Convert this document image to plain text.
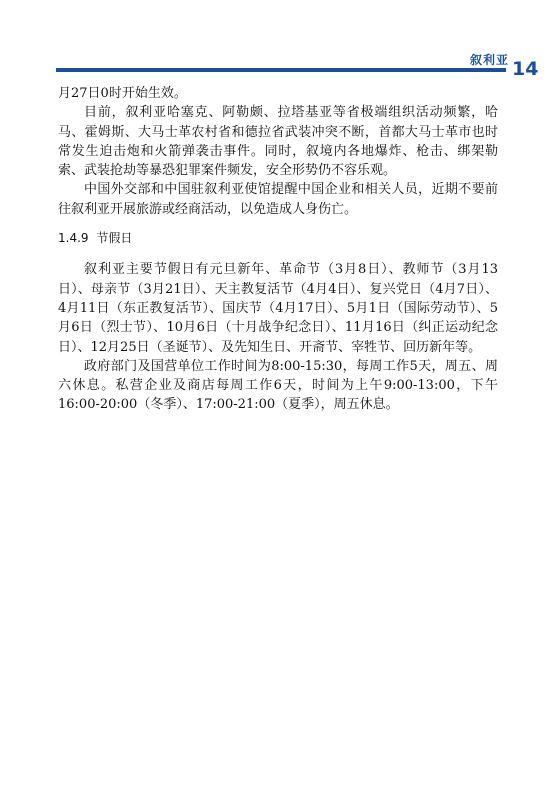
叙利亚 14

月27日0时开始生效。

目前，叙利亚哈塞克、阿勒颇、拉塔基亚等省极端组织活动频繁，哈马、霍姆斯、大马士革农村省和德拉省武装冲突不断，首都大马士革市也时常发生迫击炮和火箭弹袭击事件。同时，叙境内各地爆炸、枪击、绑架勒索、武装抢劫等暴恐犯罪案件频发，安全形势仍不容乐观。

中国外交部和中国驻叙利亚使馆提醒中国企业和相关人员，近期不要前往叙利亚开展旅游或经商活动，以免造成人身伤亡。

1.4.9 节假日

叙利亚主要节假日有元旦新年、革命节（3月8日）、教师节（3月13日）、母亲节（3月21日）、天主教复活节（4月4日）、复兴党日（4月7日）、4月11日（东正教复活节）、国庆节（4月17日）、5月1日（国际劳动节）、5月6日（烈士节）、10月6日（十月战争纪念日）、11月16日（纠正运动纪念日）、12月25日（圣诞节）、及先知生日、开斋节、宰牲节、回历新年等。

政府部门及国营单位工作时间为8:00-15:30，每周工作5天，周五、周六休息。私营企业及商店每周工作6天，时间为上午9:00-13:00，下午16:00-20:00（冬季）、17:00-21:00（夏季），周五休息。
